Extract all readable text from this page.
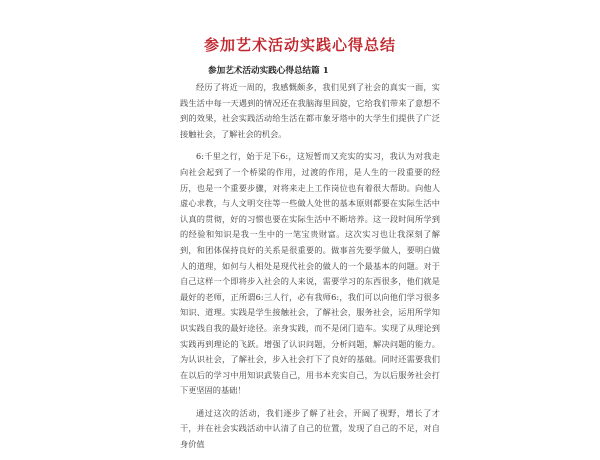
参加艺术活动实践心得总结
参加艺术活动实践心得总结篇 1

经历了将近一周的，我感慨颇多，我们见到了社会的真实一面，实践生活中每一天遇到的情况还在我脑海里回旋，它给我们带来了意想不到的效果，社会实践活动给生活在都市象牙塔中的大学生们提供了广泛接触社会，了解社会的机会。

6:千里之行，始于足下6:，这短暂而又充实的实习，我认为对我走向社会起到了一个桥梁的作用，过渡的作用，是人生的一段重要的经历，也是一个重要步骤，对将来走上工作岗位也有着很大帮助。向他人虚心求教，与人文明交往等一些做人处世的基本原则都要在实际生活中认真的贯彻，好的习惯也要在实际生活中不断培养。这一段时间所学到的经验和知识是我一生中的一笔宝贵财富。这次实习也让我深刻了解到，和团体保持良好的关系是很重要的。做事首先要学做人，要明白做人的道理，如何与人相处是现代社会的做人的一个最基本的问题。对于自己这样一个即将步入社会的人来说，需要学习的东西很多，他们就是最好的老师，正所谓6:三人行，必有我师6:，我们可以向他们学习很多知识、道理。实践是学生接触社会，了解社会，服务社会，运用所学知识实践自我的最好途径。亲身实践，而不是闭门造车。实现了从理论到实践再到理论的飞跃。增强了认识问题，分析问题，解决问题的能力。为认识社会，了解社会，步入社会打下了良好的基础。同时还需要我们在以后的学习中用知识武装自己，用书本充实自己，为以后服务社会打下更坚固的基础！

通过这次的活动，我们逐步了解了社会，开阔了视野，增长了才干，并在社会实践活动中认清了自己的位置，发现了自己的不足，对自身价值
